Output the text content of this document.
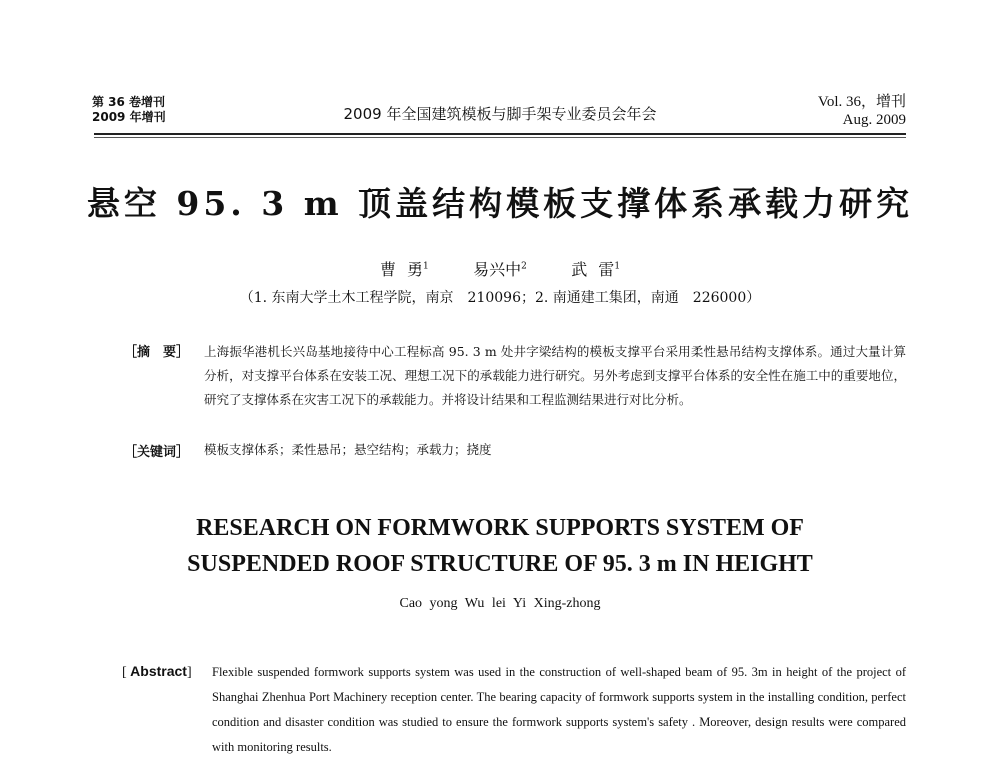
第 36 卷增刊
2009 年增刊	2009 年全国建筑模板与脚手架专业委员会年会
Vol. 36，增刊
Aug. 2009
悬空 95. 3 m 顶盖结构模板支撑体系承载力研究
曹 勇$^1$	易兴中$^2$	武 雷$^1$
（1. 东南大学土木工程学院，南京　210096；2. 南通建工集团，南通　226000）
［摘　要］ 上海振华港机长兴岛基地接待中心工程标高 95. 3 m 处井字梁结构的模板支撑平台采用柔性悬吊结构支撑体系。通过大量计算分析，对支撑平台体系在安装工况、理想工况下的承载能力进行研究。另外考虑到支撑平台体系的安全性在施工中的重要地位，研究了支撑体系在灾害工况下的承载能力。并将设计结果和工程监测结果进行对比分析。
［关键词］ 模板支撑体系；柔性悬吊；悬空结构；承载力；挠度
RESEARCH ON FORMWORK SUPPORTS SYSTEM OF
SUSPENDED ROOF STRUCTURE OF 95. 3 m IN HEIGHT
Cao yong Wu lei Yi Xing-zhong
[ Abstract] Flexible suspended formwork supports system was used in the construction of well-shaped beam of 95. 3m in height of the project of Shanghai Zhenhua Port Machinery reception center. The bearing capacity of formwork supports system in the installing condition, perfect condition and disaster condition was studied to ensure the formwork supports system's safety . Moreover, design results were compared with monitoring results.
